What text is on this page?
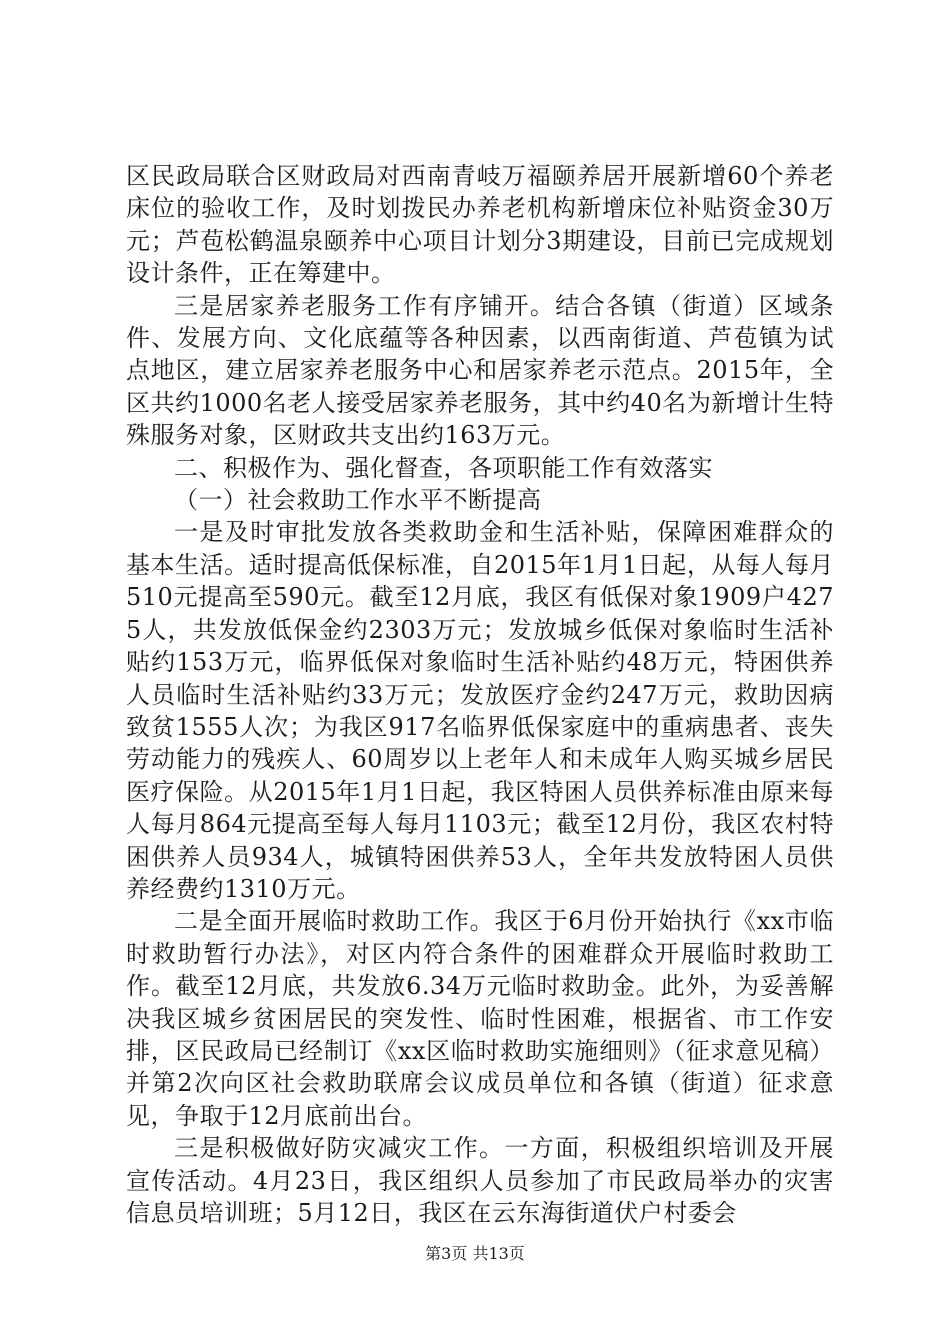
区民政局联合区财政局对西南青岐万福颐养居开展新增60个养老床位的验收工作，及时划拨民办养老机构新增床位补贴资金30万元；芦苞松鹤温泉颐养中心项目计划分3期建设，目前已完成规划设计条件，正在筹建中。

三是居家养老服务工作有序铺开。结合各镇（街道）区域条件、发展方向、文化底蕴等各种因素，以西南街道、芦苞镇为试点地区，建立居家养老服务中心和居家养老示范点。2015年，全区共约1000名老人接受居家养老服务，其中约40名为新增计生特殊服务对象，区财政共支出约163万元。

二、积极作为、强化督查，各项职能工作有效落实

（一）社会救助工作水平不断提高

一是及时审批发放各类救助金和生活补贴，保障困难群众的基本生活。适时提高低保标准，自2015年1月1日起，从每人每月510元提高至590元。截至12月底，我区有低保对象1909户4275人，共发放低保金约2303万元；发放城乡低保对象临时生活补贴约153万元，临界低保对象临时生活补贴约48万元，特困供养人员临时生活补贴约33万元；发放医疗金约247万元，救助因病致贫1555人次；为我区917名临界低保家庭中的重病患者、丧失劳动能力的残疾人、60周岁以上老年人和未成年人购买城乡居民医疗保险。从2015年1月1日起，我区特困人员供养标准由原来每人每月864元提高至每人每月1103元；截至12月份，我区农村特困供养人员934人，城镇特困供养53人，全年共发放特困人员供养经费约1310万元。

二是全面开展临时救助工作。我区于6月份开始执行《xx市临时救助暂行办法》，对区内符合条件的困难群众开展临时救助工作。截至12月底，共发放6.34万元临时救助金。此外，为妥善解决我区城乡贫困居民的突发性、临时性困难，根据省、市工作安排，区民政局已经制订《xx区临时救助实施细则》（征求意见稿）并第2次向区社会救助联席会议成员单位和各镇（街道）征求意见，争取于12月底前出台。

三是积极做好防灾减灾工作。一方面，积极组织培训及开展宣传活动。4月23日，我区组织人员参加了市民政局举办的灾害信息员培训班；5月12日，我区在云东海街道伏户村委会

第3页 共13页
